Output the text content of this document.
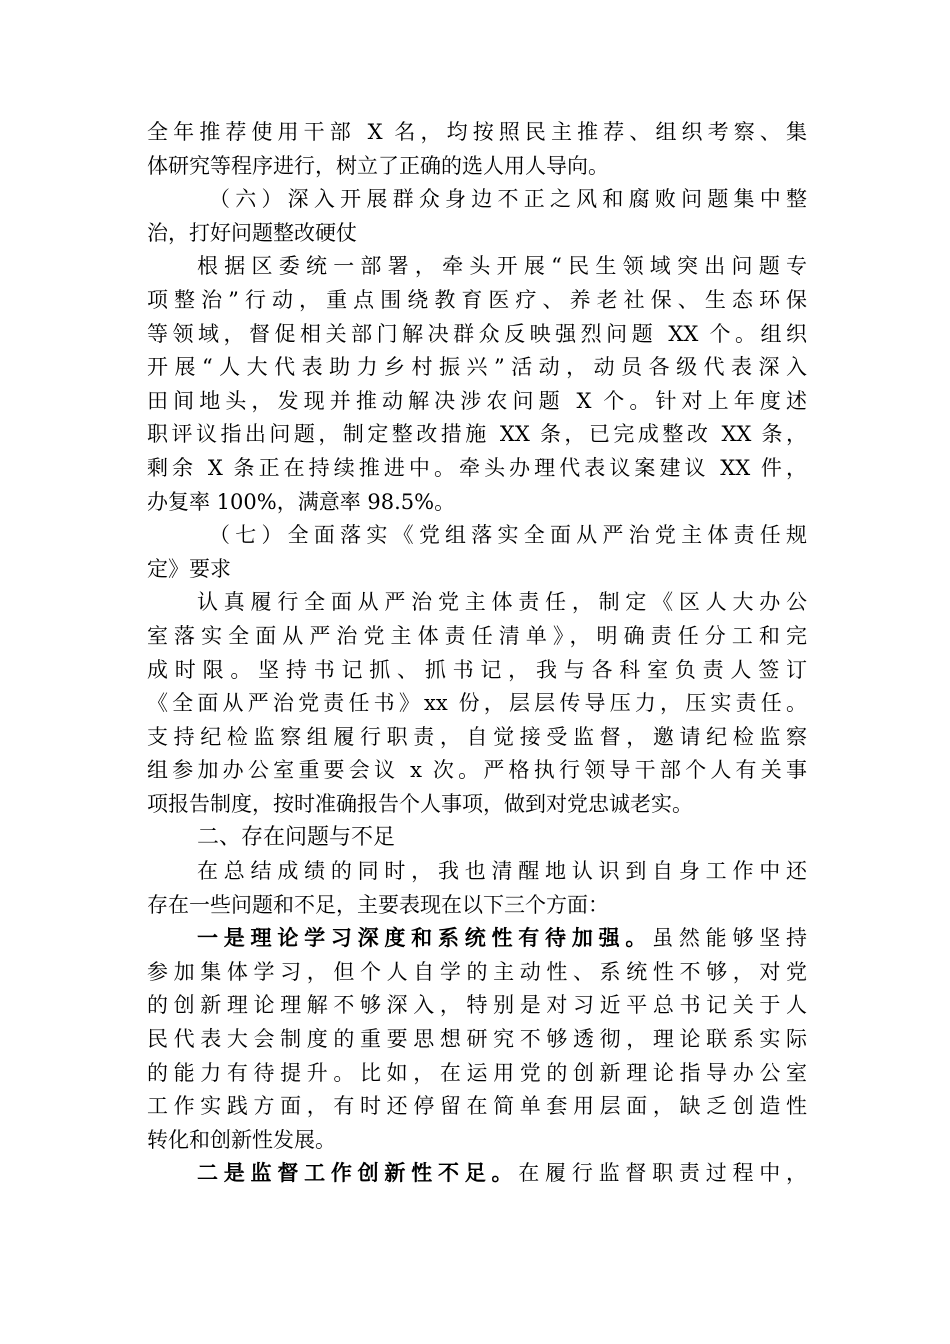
全年推荐使用干部 X 名，均按照民主推荐、组织考察、集
体研究等程序进行，树立了正确的选人用人导向。
（六）深入开展群众身边不正之风和腐败问题集中整
治，打好问题整改硬仗
根据区委统一部署，牵头开展“民生领域突出问题专
项整治”行动，重点围绕教育医疗、养老社保、生态环保
等领域，督促相关部门解决群众反映强烈问题 XX 个。组织
开展“人大代表助力乡村振兴”活动，动员各级代表深入
田间地头，发现并推动解决涉农问题 X 个。针对上年度述
职评议指出问题，制定整改措施 XX 条，已完成整改 XX 条，
剩余 X 条正在持续推进中。牵头办理代表议案建议 XX 件，
办复率 100%，满意率 98.5%。
（七）全面落实《党组落实全面从严治党主体责任规
定》要求
认真履行全面从严治党主体责任，制定《区人大办公
室落实全面从严治党主体责任清单》，明确责任分工和完
成时限。坚持书记抓、抓书记，我与各科室负责人签订
《全面从严治党责任书》xx 份，层层传导压力，压实责任。
支持纪检监察组履行职责，自觉接受监督，邀请纪检监察
组参加办公室重要会议 x 次。严格执行领导干部个人有关事
项报告制度，按时准确报告个人事项，做到对党忠诚老实。
二、存在问题与不足
在总结成绩的同时，我也清醒地认识到自身工作中还
存在一些问题和不足，主要表现在以下三个方面：
一是理论学习深度和系统性有待加强。虽然能够坚持
参加集体学习，但个人自学的主动性、系统性不够，对党
的创新理论理解不够深入，特别是对习近平总书记关于人
民代表大会制度的重要思想研究不够透彻，理论联系实际
的能力有待提升。比如，在运用党的创新理论指导办公室
工作实践方面，有时还停留在简单套用层面，缺乏创造性
转化和创新性发展。
二是监督工作创新性不足。在履行监督职责过程中，
